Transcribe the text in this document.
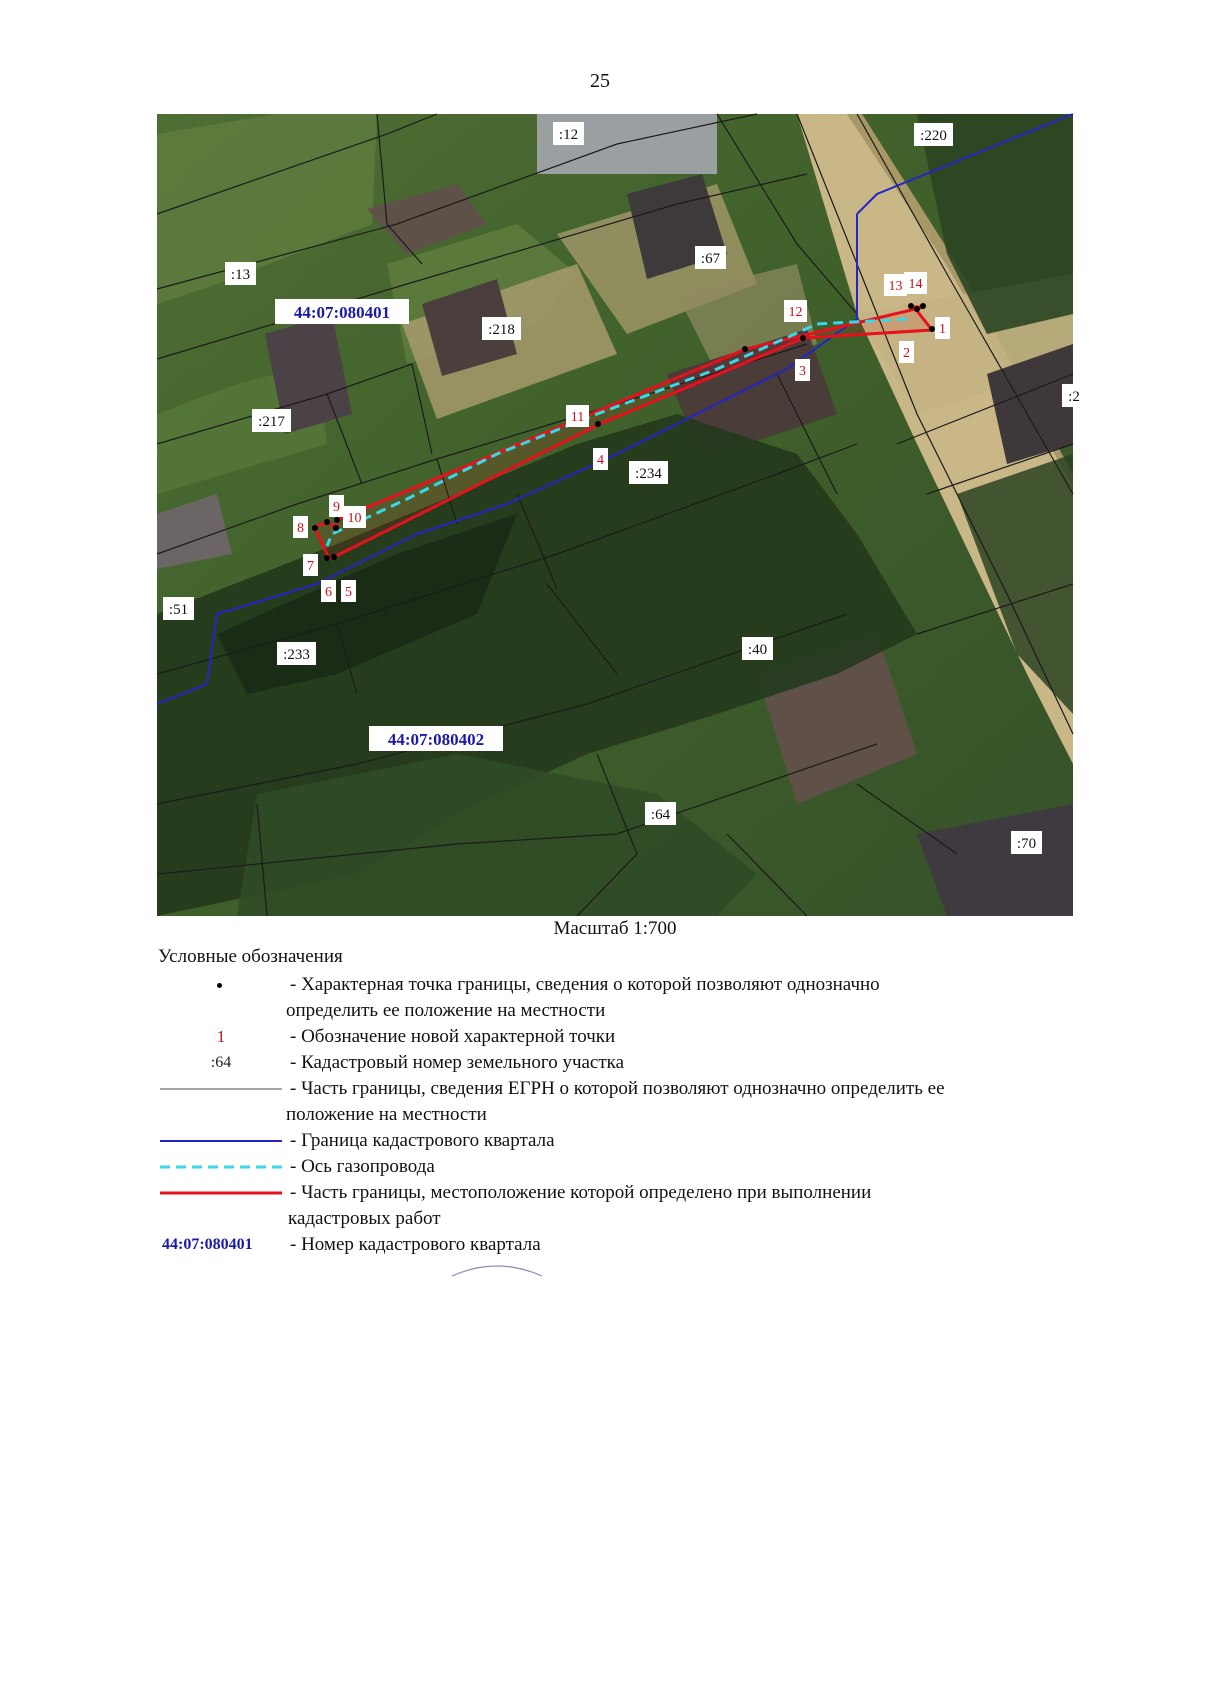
25
44:07:080401
44:07:080402
:12	:220
:13
:67
:218
:217
:234
:51
:233	:40
:64
:70
:2
1
2
3
4
5
6
7
8
9
10
11
12
13 14
Масштаб 1:700
Условные обозначения
- Характерная точка границы, сведения о которой позволяют однозначно
определить ее положение на местности
1	- Обозначение новой характерной точки
:64	- Кадастровый номер земельного участка
- Часть границы, сведения ЕГРН о которой позволяют однозначно определить ее
положение на местности
- Граница кадастрового квартала
- Ось газопровода
- Часть границы, местоположение которой определено при выполнении
кадастровых работ
44:07:080401 - Номер кадастрового квартала
